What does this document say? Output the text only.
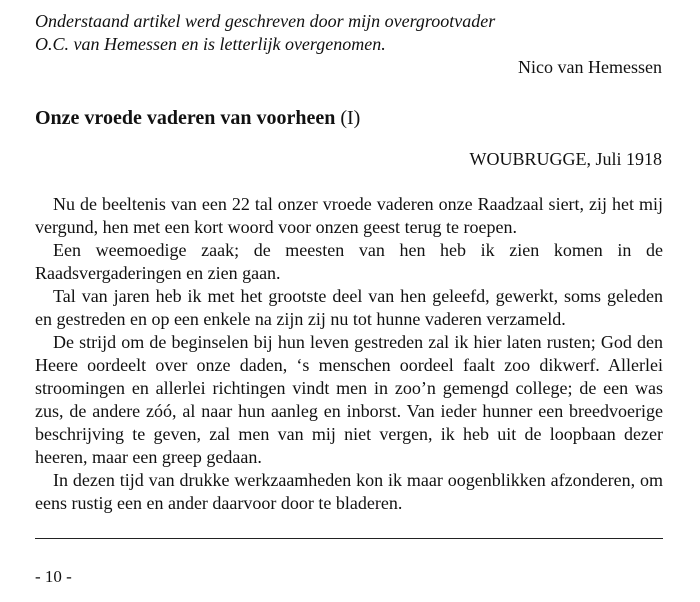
Onderstaand artikel werd geschreven door mijn overgrootvader
O.C. van Hemessen en is letterlijk overgenomen.
Nico van Hemessen
Onze vroede vaderen van voorheen (I)
WOUBRUGGE, Juli 1918

Nu de beeltenis van een 22 tal onzer vroede vaderen onze Raadzaal siert, zij het mij vergund, hen met een kort woord voor onzen geest terug te roepen.

Een weemoedige zaak; de meesten van hen heb ik zien komen in de Raadsvergaderingen en zien gaan.

Tal van jaren heb ik met het grootste deel van hen geleefd, gewerkt, soms geleden en gestreden en op een enkele na zijn zij nu tot hunne vaderen verzameld.

De strijd om de beginselen bij hun leven gestreden zal ik hier laten rusten; God den Heere oordeelt over onze daden, ‘s menschen oordeel faalt zoo dikwerf. Allerlei stroomingen en allerlei richtingen vindt men in zoo’n gemengd college; de een was zus, de andere zóó, al naar hun aanleg en inborst. Van ieder hunner een breedvoerige beschrijving te geven, zal men van mij niet vergen, ik heb uit de loopbaan dezer heeren, maar een greep gedaan.

In dezen tijd van drukke werkzaamheden kon ik maar oogenblikken afzonderen, om eens rustig een en ander daarvoor door te bladeren.

- 10 -
